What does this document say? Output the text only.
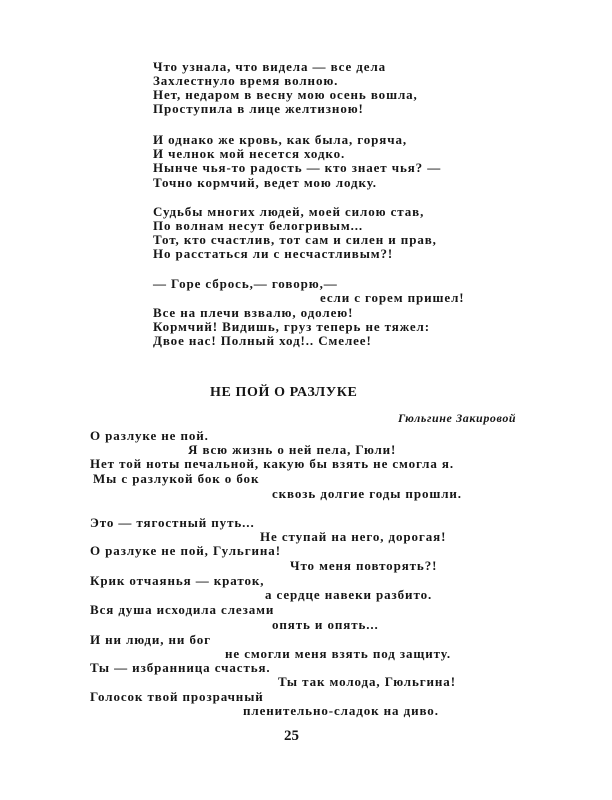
Что узнала, что видела — все дела
Захлестнуло время волною.
Нет, недаром в весну мою осень вошла,
Проступила в лице желтизною!
И однако же кровь, как была, горяча,
И челнок мой несется ходко.
Нынче чья-то радость — кто знает чья? —
Точно кормчий, ведет мою лодку.
Судьбы многих людей, моей силою став,
По волнам несут белогривым...
Тот, кто счастлив, тот сам и силен и прав,
Но расстаться ли с несчастливым?!
— Горе сбрось,— говорю,—
если с горем пришел!
Все на плечи взвалю, одолею!
Кормчий! Видишь, груз теперь не тяжел:
Двое нас! Полный ход!.. Смелее!
НЕ ПОЙ О РАЗЛУКЕ
Гюльгине Закировой
О разлуке не пой.
Я всю жизнь о ней пела, Гюли!
Нет той ноты печальной, какую бы взять не смогла я.
Мы с разлукой бок о бок
сквозь долгие годы прошли.
Это — тягостный путь...
Не ступай на него, дорогая!
О разлуке не пой, Гульгина!
Что меня повторять?!
Крик отчаянья — краток,
а сердце навеки разбито.
Вся душа исходила слезами
опять и опять...
И ни люди, ни бог
не смогли меня взять под защиту.
Ты — избранница счастья.
Ты так молода, Гюльгина!
Голосок твой прозрачный
пленительно-сладок на диво.
25
